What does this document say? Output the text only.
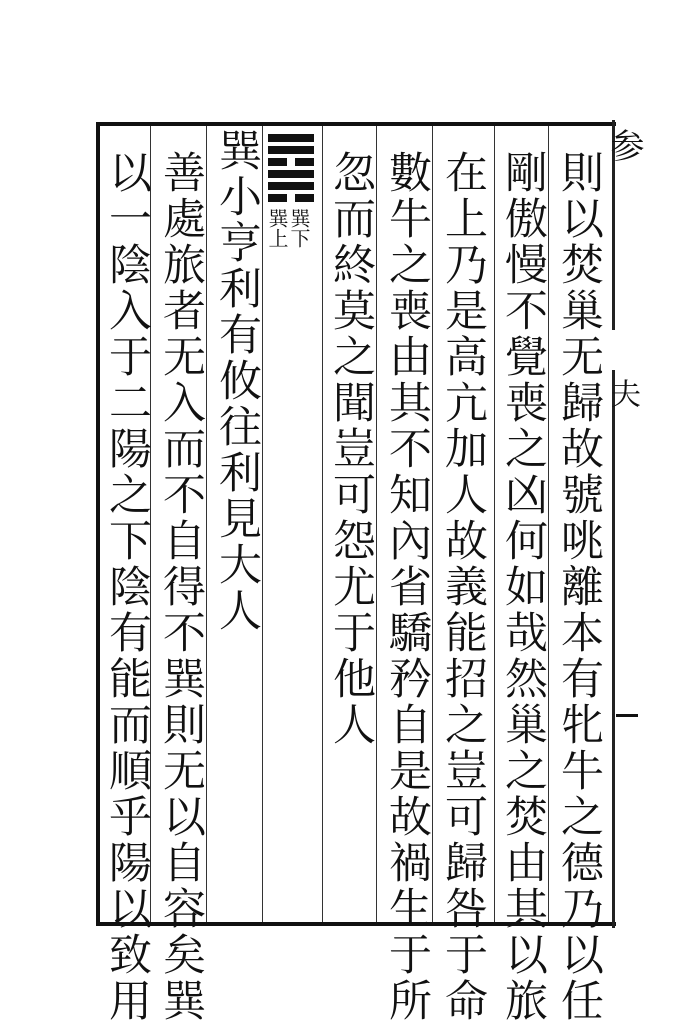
参
夫
則以焚巢无歸故號咷離本有牝牛之德乃以任
剛傲慢不覺喪之凶何如哉然巢之焚由其以旅
在上乃是高亢加人故義能招之豈可歸咎于命
數牛之喪由其不知內省驕矜自是故禍生于所
忽而終莫之聞豈可怨尤于他人
巽下
巽上
巽小亨利有攸往利見大人
善處旅者无入而不自得不巽則无以自容矣巽
以一陰入于二陽之下陰有能而順乎陽以致用
